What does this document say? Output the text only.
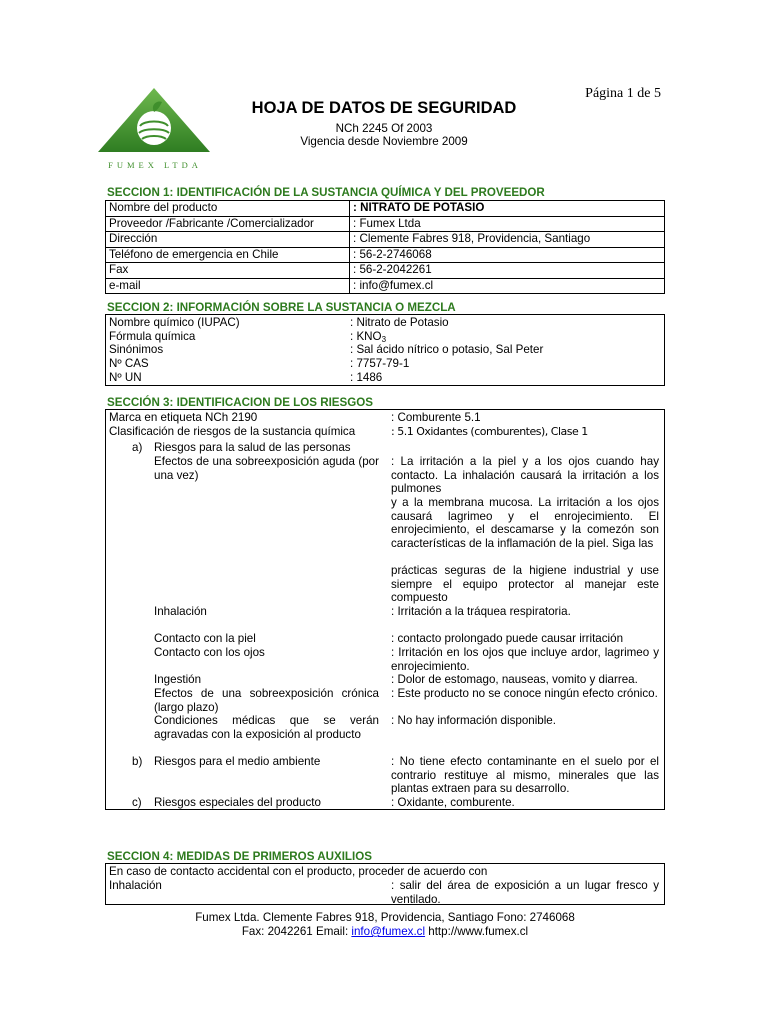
FUMEX LTDA
Página 1 de 5
HOJA DE DATOS DE SEGURIDAD
NCh 2245 Of 2003
Vigencia desde Noviembre 2009
SECCION 1: IDENTIFICACIÓN DE LA SUSTANCIA QUÍMICA Y DEL PROVEEDOR
Nombre del producto	: NITRATO DE POTASIO
Proveedor /Fabricante /Comercializador	: Fumex Ltda
Dirección	: Clemente Fabres 918, Providencia, Santiago
Teléfono de emergencia en Chile	: 56-2-2746068
Fax	: 56-2-2042261
e-mail	: info@fumex.cl
SECCION 2: INFORMACIÓN SOBRE LA SUSTANCIA O MEZCLA
Nombre químico (IUPAC)	: Nitrato de Potasio
Fórmula química	: $KNO_3$
Sinónimos	: Sal ácido nítrico o potasio, Sal Peter
Nº CAS	: 7757-79-1
Nº UN	: 1486
SECCIÓN 3: IDENTIFICACION DE LOS RIESGOS
Marca en etiqueta NCh 2190	: Comburente 5.1
Clasificación de riesgos de la sustancia química	: 5.1 Oxidantes (comburentes), Clase 1
a) Riesgos para la salud de las personas
Efectos de una sobreexposición aguda (por una vez)
: La irritación a la piel y a los ojos cuando hay contacto. La inhalación causará la irritación a los pulmones
y a la membrana mucosa. La irritación a los ojos causará lagrimeo y el enrojecimiento. El enrojecimiento, el descamarse y la comezón son características de la inflamación de la piel. Siga las
prácticas seguras de la higiene industrial y use siempre el equipo protector al manejar este compuesto
Inhalación	: Irritación a la tráquea respiratoria.
Contacto con la piel	: contacto prolongado puede causar irritación
Contacto con los ojos	: Irritación en los ojos que incluye ardor, lagrimeo y enrojecimiento.
Ingestión	: Dolor de estomago, nauseas, vomito y diarrea.
Efectos de una sobreexposición crónica (largo plazo)
: Este producto no se conoce ningún efecto crónico.
Condiciones médicas que se verán agravadas con la exposición al producto
: No hay información disponible.
b) Riesgos para el medio ambiente	: No tiene efecto contaminante en el suelo por el contrario restituye al mismo, minerales que las plantas extraen para su desarrollo.
c) Riesgos especiales del producto	: Oxidante, comburente.
SECCION 4: MEDIDAS DE PRIMEROS AUXILIOS
En caso de contacto accidental con el producto, proceder de acuerdo con
Inhalación	: salir del área de exposición a un lugar fresco y ventilado.
Fumex Ltda. Clemente Fabres 918, Providencia, Santiago Fono: 2746068
Fax: 2042261 Email: info@fumex.cl http://www.fumex.cl
